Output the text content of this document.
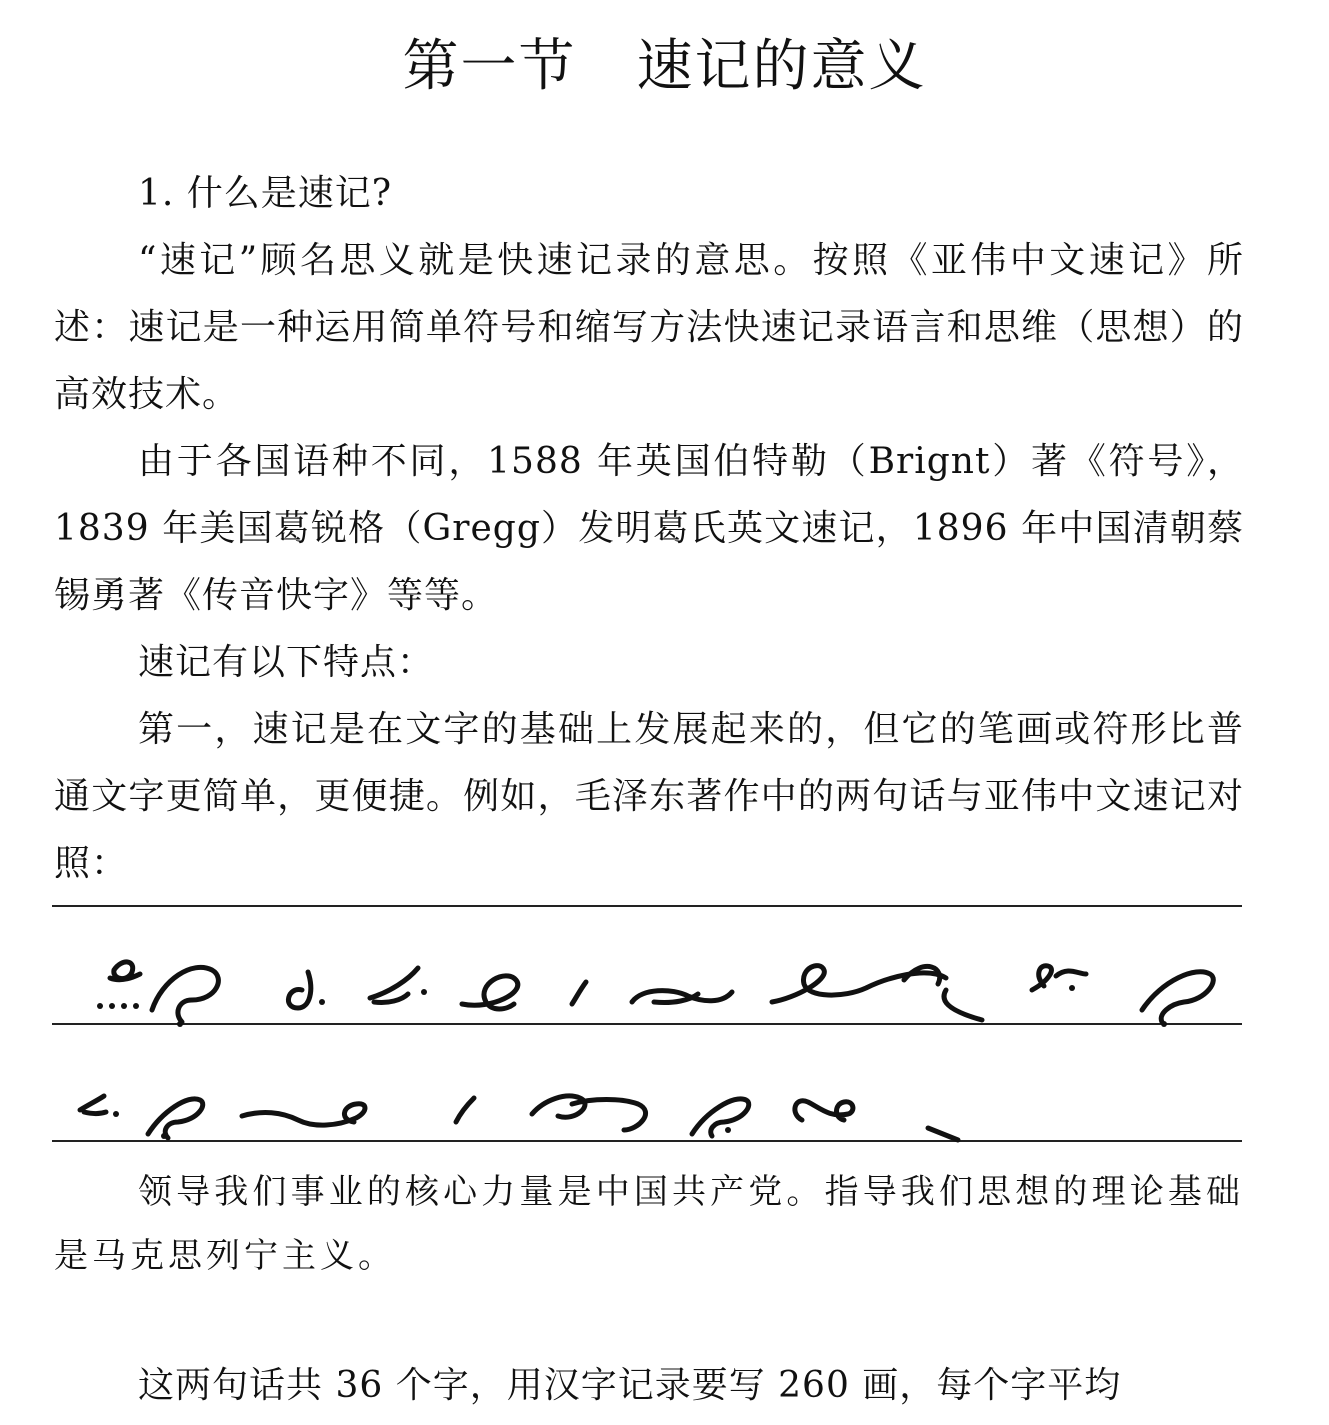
第一节 速记的意义

1. 什么是速记?

“速记”顾名思义就是快速记录的意思。按照《亚伟中文速记》所述：速记是一种运用简单符号和缩写方法快速记录语言和思维（思想）的高效技术。

由于各国语种不同，1588 年英国伯特勒（Brignt）著《符号》，1839 年美国葛锐格（Gregg）发明葛氏英文速记，1896 年中国清朝蔡锡勇著《传音快字》等等。

速记有以下特点：

第一，速记是在文字的基础上发展起来的，但它的笔画或符形比普通文字更简单，更便捷。例如，毛泽东著作中的两句话与亚伟中文速记对照：

领导我们事业的核心力量是中国共产党。指导我们思想的理论基础是马克思列宁主义。

这两句话共 36 个字，用汉字记录要写 260 画，每个字平均
